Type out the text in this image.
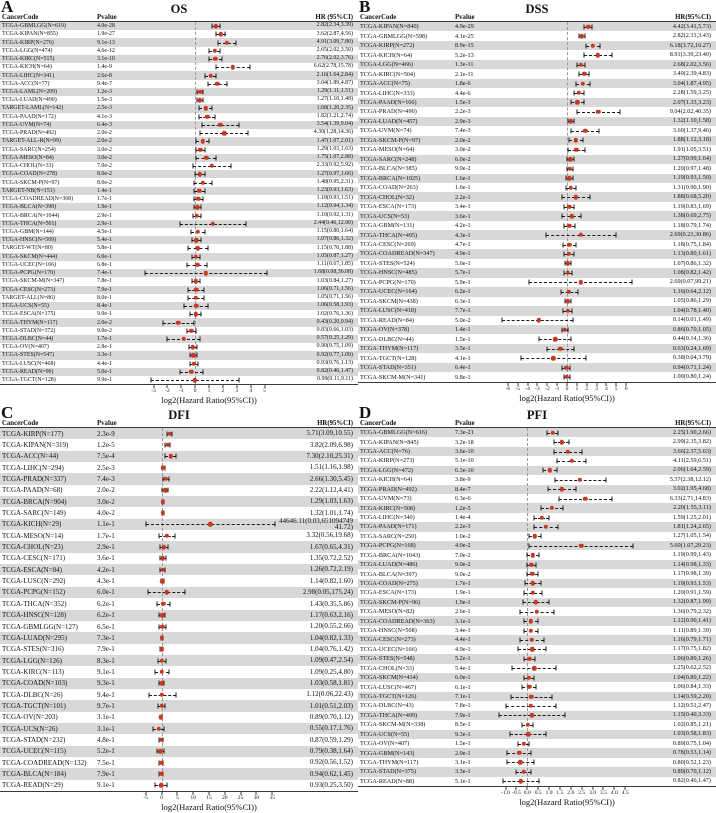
A	OS
CancerCode	Pvalue	HR (95%CI)
TCGA-GBMLGG(N=619)	4.0e-28	2.82(2.34,3.39)
TCGA-KIPAN(N=855)	1.9e-27	3.62(2.87,4.56)
TCGA-KIRP(N=276)	9.1e-13	4.91(3.09,7.80)
TCGA-LGG(N=474)	4.6e-12	2.65(2.02,3.50)
TCGA-KIRC(N=515)	3.1e-10	2.76(2.02,3.76)
TCGA-KICH(N=64)	1.4e-9	6.62(2.78,15.78)
TCGA-LIHC(N=341)	2.6e-8	2.16(1.64,2.84)
TCGA-ACC(N=77)	9.4e-7	3.04(1.89,4.87)
TCGA-LAML(N=209)	1.2e-3	1.29(1.11,1.51)
TCGA-LUAD(N=490)	1.5e-3	1.27(1.10,1.48)
TARGET-LAML(N=142)	2.5e-3	1.68(1.20,2.35)
TCGA-PAAD(N=172)	4.1e-3	1.82(1.21,2.74)
TCGA-UVM(N=74)	6.4e-3	3.54(1.39,9.04)
TCGA-PRAD(N=492)	2.0e-2	4.30(1.28,14.36)
TARGET-ALL-R(N=99)	2.0e-2	1.47(1.07,2.01)
TCGA-SARC(N=254)	3.0e-2	1.29(1.03,1.63)
TCGA-MESO(N=84)	3.0e-2	1.75(1.07,2.88)
TCGA-CHOL(N=33)	7.0e-2	2.33(0.92,5.92)
TCGA-COAD(N=278)	8.0e-2	1.27(0.97,1.66)
TCGA-SKCM-P(N=97)	8.0e-2	1.48(0.95,2.31)
TARGET-NB(N=151)	1.4e-1	1.23(0.93,1.63)
TCGA-COADREAD(N=368)	1.7e-1	1.18(0.93,1.51)
TCGA-BLCA(N=398)	1.9e-1	1.12(0.94,1.34)
TCGA-BRCA(N=1044)	2.9e-1	1.10(0.92,1.31)
TCGA-THCA(N=501)	2.9e-1	2.44(0.46,12.90)
TCGA-GBM(N=144)	4.5e-1	1.15(0.80,1.64)
TCGA-HNSC(N=509)	5.4e-1	1.07(0.86,1.32)
TARGET-WT(N=80)	5.8e-1	1.15(0.70,1.88)
TCGA-SKCM(N=444)	6.0e-1	1.05(0.87,1.27)
TCGA-UCEC(N=166)	6.8e-1	1.11(0.67,1.85)
TCGA-PCPG(N=170)	7.4e-1	1.68(0.08,36.08)
TCGA-SKCM-M(N=347)	7.8e-1	1.03(0.84,1.27)
TCGA-CESC(N=273)	7.9e-1	1.06(0.71,1.56)
TARGET-ALL(N=86)	8.0e-1	1.05(0.71,1.56)
TCGA-UCS(N=55)	8.4e-1	1.06(0.58,1.93)
TCGA-ESCA(N=175)	9.0e-1	1.02(0.76,1.36)
TCGA-THYM(N=117)	2.0e-2	0.43(0.20,0.94)
TCGA-STAD(N=372)	9.0e-2	0.83(0.66,1.03)
TCGA-DLBC(N=44)	1.7e-1	0.57(0.25,1.29)
TCGA-OV(N=407)	2.8e-1	0.90(0.75,1.09)
TCGA-STES(N=547)	3.3e-1	0.92(0.77,1.09)
TCGA-LUSC(N=468)	4.4e-1	0.93(0.76,1.13)
TCGA-READ(N=90)	5.0e-1	0.82(0.46,1.47)
TCGA-TGCT(N=128)	9.9e-1	0.99(0.11,9.11)
log2(Hazard Ratio(95%CI))
-3 -2 -1 0 1 2 3 4 5
B	DSS
CancerCode	Pvalue	HR(95%CI)
TCGA-KIPAN(N=840)	4.9e-29	4.42(3.41,5.73)
TCGA-GBMLGG(N=598)	4.1e-25	2.82(2.31,3.43)
TCGA-KIRP(N=272)	8.9e-15	6.18(3.72,10.27)
TCGA-KICH(N=64)	5.2e-13	8.91(3.39,23.40)
TCGA-LGG(N=466)	1.3e-11	2.68(2.02,3.56)
TCGA-KIRC(N=504)	2.1e-11	3.40(2.39,4.83)
TCGA-ACC(N=75)	1.8e-6	3.04(1.87,4.95)
TCGA-LIHC(N=333)	4.4e-6	2.28(1.59,3.25)
TCGA-PAAD(N=166)	1.5e-3	2.07(1.33,3.23)
TCGA-PRAD(N=490)	2.2e-3	9.04(2.02,40.35)
TCGA-LUAD(N=457)	2.9e-3	1.32(1.10,1.58)
TCGA-UVM(N=74)	7.4e-3	3.60(1.37,9.46)
TCGA-SKCM-P(N=97)	2.0e-2	1.88(1.12,3.18)
TCGA-MESO(N=64)	3.0e-2	1.91(1.05,3.51)
TCGA-SARC(N=248)	6.0e-2	1.27(0.99,1.64)
TCGA-BLCA(N=385)	9.0e-2	1.20(0.97,1.48)
TCGA-BRCA(N=1025)	1.6e-1	1.19(0.93,1.50)
TCGA-COAD(N=263)	1.6e-1	1.31(0.90,1.90)
TCGA-CHOL(N=32)	2.2e-1	1.88(0.68,5.20)
TCGA-ESCA(N=173)	3.4e-1	1.19(0.83,1.69)
TCGA-UCS(N=53)	3.6e-1	1.38(0.69,2.75)
TCGA-GBM(N=131)	4.2e-1	1.18(0.79,1.74)
TCGA-THCA(N=495)	4.3e-1	2.69(0.23,30.86)
TCGA-CESC(N=269)	4.7e-1	1.18(0.75,1.84)
TCGA-COADREAD(N=347)	4.9e-1	1.13(0.80,1.61)
TCGA-STES(N=524)	5.6e-1	1.07(0.86,1.32)
TCGA-HNSC(N=485)	5.7e-1	1.08(0.82,1.42)
TCGA-PCPG(N=170)	5.9e-1	2.69(0.07,99.21)
TCGA-UCEC(N=164)	6.2e-1	1.16(0.64,2.12)
TCGA-SKCM(N=438)	6.3e-1	1.05(0.86,1.29)
TCGA-LUSC(N=418)	7.7e-1	1.04(0.78,1.40)
TCGA-READ(N=84)	5.0e-2	0.14(0.01,1.49)
TCGA-OV(N=378)	1.4e-1	0.86(0.70,1.05)
TCGA-DLBC(N=44)	1.5e-1	0.44(0.14,1.36)
TCGA-THYM(N=117)	3.5e-1	0.63(0.24,1.69)
TCGA-TGCT(N=128)	4.1e-1	0.38(0.04,3.79)
TCGA-STAD(N=351)	6.4e-1	0.94(0.71,1.24)
TCGA-SKCM-M(N=341)	9.8e-1	1.00(0.80,1.24)
log2(Hazard Ratio(95%CI))
-6 -5 -4 -3 -2 -1 0 1 2 3 4 5 6
C	DFI
CancerCode	Pvalue	HR(95%CI)
TCGA-KIRP(N=177)	2.3e-9	5.71(3.09,10.55)
TCGA-KIPAN(N=319)	1.2e-5	3.82(2.09,6.98)
TCGA-ACC(N=44)	7.5e-4	7.30(2.10,25.31)
TCGA-LIHC(N=294)	2.5e-3	1.51(1.16,1.98)
TCGA-PRAD(N=337)	7.4e-3	2.66(1.30,5.45)
TCGA-PAAD(N=68)	2.0e-2	2.22(1.12,4.41)
TCGA-BRCA(N=904)	3.0e-2	1.29(1.03,1.63)
TCGA-SARC(N=149)	4.0e-2	1.32(1.01,1.74)
TCGA-KICH(N=29)	1.1e-1	44646.11(0.03,65109474941.72)
TCGA-MESO(N=14)	1.7e-1	3.32(0.56,19.68)
TCGA-CHOL(N=23)	2.9e-1	1.67(0.65,4.31)
TCGA-CESC(N=171)	3.6e-1	1.35(0.72,2.52)
TCGA-ESCA(N=84)	4.2e-1	1.26(0.72,2.19)
TCGA-LUSC(N=292)	4.3e-1	1.14(0.82,1.60)
TCGA-PCPG(N=152)	6.0e-1	2.98(0.05,175.24)
TCGA-THCA(N=352)	6.2e-1	1.43(0.35,5.86)
TCGA-HNSC(N=128)	6.2e-1	1.17(0.63,2.16)
TCGA-GBMLGG(N=127)	6.5e-1	1.20(0.55,2.66)
TCGA-LUAD(N=295)	7.3e-1	1.04(0.82,1.33)
TCGA-STES(N=316)	7.9e-1	1.04(0.76,1.42)
TCGA-LGG(N=126)	8.3e-1	1.09(0.47,2.54)
TCGA-KIRC(N=113)	9.1e-1	1.09(0.25,4.80)
TCGA-COAD(N=103)	9.3e-1	1.03(0.58,1.81)
TCGA-DLBC(N=26)	9.4e-1	1.12(0.06,22.43)
TCGA-TGCT(N=101)	9.7e-1	1.01(0.51,2.03)
TCGA-OV(N=203)	3.1e-1	0.89(0.70,1.12)
TCGA-UCS(N=26)	3.1e-1	0.55(0.17,1.76)
TCGA-STAD(N=232)	4.8e-1	0.87(0.59,1.29)
TCGA-UCEC(N=115)	5.2e-1	0.79(0.38,1.64)
TCGA-COADREAD(N=132)	7.5e-1	0.92(0.56,1.52)
TCGA-BLCA(N=184)	7.9e-1	0.94(0.62,1.45)
TCGA-READ(N=29)	9.1e-1	0.93(0.25,3.50)
log2(Hazard Ratio(95%CI))
-5 0 5 10 15 20 25 30 35
D	PFI
CancerCode	Pvalue	HR(95%CI)
TCGA-GBMLGG(N=616)	7.3e-21	2.25(1.90,2.66)
TCGA-KIPAN(N=845)	3.2e-18	2.99(2.35,3.82)
TCGA-ACC(N=76)	3.6e-10	3.66(2.37,5.63)
TCGA-KIRP(N=273)	5.1e-10	4.11(2.59,6.51)
TCGA-LGG(N=472)	6.3e-10	2.06(1.64,2.59)
TCGA-KICH(N=64)	3.8e-9	5.37(2.38,12.12)
TCGA-PRAD(N=492)	8.4e-7	3.02(1.95,4.68)
TCGA-UVM(N=73)	6.3e-6	6.33(2.71,14.83)
TCGA-KIRC(N=508)	1.2e-5	2.20(1.55,3.11)
TCGA-LIHC(N=340)	1.4e-4	1.59(1.25,2.01)
TCGA-PAAD(N=171)	2.2e-3	1.81(1.24,2.65)
TCGA-SARC(N=250)	1.0e-2	1.27(1.05,1.54)
TCGA-PCPG(N=168)	4.0e-2	5.60(1.07,29.23)
TCGA-BRCA(N=1043)	7.0e-2	1.19(0.99,1.43)
TCGA-LUAD(N=486)	9.0e-2	1.14(0.98,1.33)
TCGA-BLCA(N=397)	9.0e-2	1.17(0.98,1.39)
TCGA-COAD(N=275)	1.7e-1	1.19(0.93,1.53)
TCGA-ESCA(N=173)	1.9e-1	1.20(0.91,1.59)
TCGA-SKCM-P(N=96)	1.9e-1	1.32(0.87,1.99)
TCGA-MESO(N=82)	2.6e-1	1.36(0.79,2.32)
TCGA-COADREAD(N=363)	3.1e-1	1.12(0.90,1.41)
TCGA-HNSC(N=508)	3.4e-1	1.11(0.89,1.39)
TCGA-CESC(N=273)	4.4e-1	1.16(0.79,1.71)
TCGA-UCEC(N=166)	4.9e-1	1.17(0.75,1.82)
TCGA-STES(N=548)	5.2e-1	1.06(0.89,1.26)
TCGA-CHOL(N=33)	5.4e-1	1.25(0.62,2.52)
TCGA-SKCM(N=434)	6.0e-1	1.04(0.89,1.22)
TCGA-LUSC(N=467)	6.1e-1	1.06(0.84,1.33)
TCGA-TGCT(N=126)	7.1e-1	1.14(0.59,2.20)
TCGA-DLBC(N=43)	7.8e-1	1.12(0.51,2.47)
TCGA-THCA(N=499)	7.9e-1	1.15(0.40,3.33)
TCGA-SKCM-M(N=338)	8.5e-1	1.02(0.85,1.21)
TCGA-UCS(N=55)	9.3e-1	1.03(0.58,1.83)
TCGA-OV(N=407)	1.5e-1	0.89(0.75,1.04)
TCGA-GBM(N=143)	2.0e-1	0.78(0.53,1.14)
TCGA-THYM(N=117)	3.1e-1	0.80(0.52,1.23)
TCGA-STAD(N=375)	3.3e-1	0.89(0.70,1.12)
TCGA-READ(N=88)	5.1e-1	0.82(0.46,1.47)
log2(Hazard Ratio(95%CI))
-1.0 -0.5 0.0 0.5 1.0 1.5 2.0 2.5 3.0 3.5 4.0 4.5
